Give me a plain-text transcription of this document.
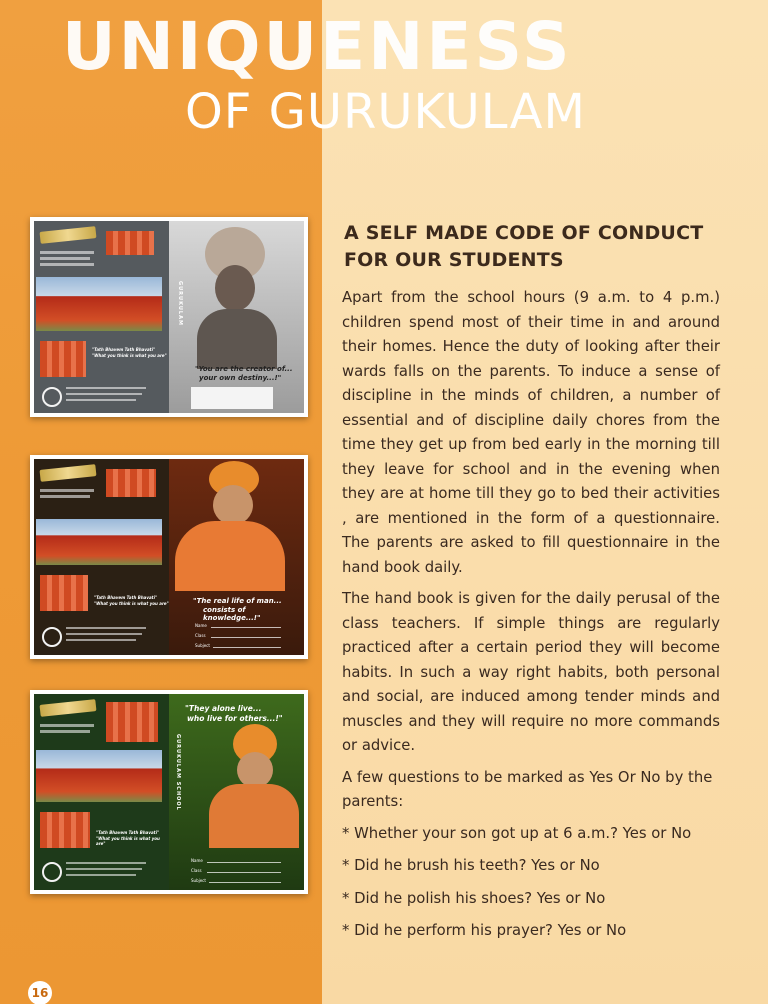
UNIQUENESS
OF GURUKULAM
"Tath Bhavem Tath Bhavati"
"What you think is what you are"
"You are the creator of...
your own destiny...!"
GURUKULAM
"Tath Bhavem Tath Bhavati"
"What you think is what you are"	"The real life of man...
consists of knowledge...!"
Name
Class
Subject
"Tath Bhavem Tath Bhavati"
"What you think is what you are"
"They alone live...
who live for others...!"
GURUKULAM SCHOOL
Name
Class
Subject
A SELF MADE CODE OF CONDUCT
FOR OUR STUDENTS

Apart from the school hours (9 a.m. to 4 p.m.) children spend most of their time in and around their homes. Hence the duty of looking after their wards falls on the parents. To induce a sense of discipline in the minds of children, a number of essential and of discipline daily chores from the time they get up from bed early in the morning till they leave for school and in the evening when they are at home till they go to bed their activities , are mentioned in the form of a questionnaire. The parents are asked to fill questionnaire in the hand book daily.

The hand book is given for the daily perusal of the class teachers. If simple things are regularly practiced after a certain period they will become habits. In such a way right habits, both personal and social, are induced among tender minds and muscles and they will require no more commands or advice.

A few questions to be marked as Yes Or No by the parents:

* Whether your son got up at 6 a.m.? Yes or No

* Did he brush his teeth? Yes or No

* Did he polish his shoes? Yes or No

* Did he perform his prayer? Yes or No

16
